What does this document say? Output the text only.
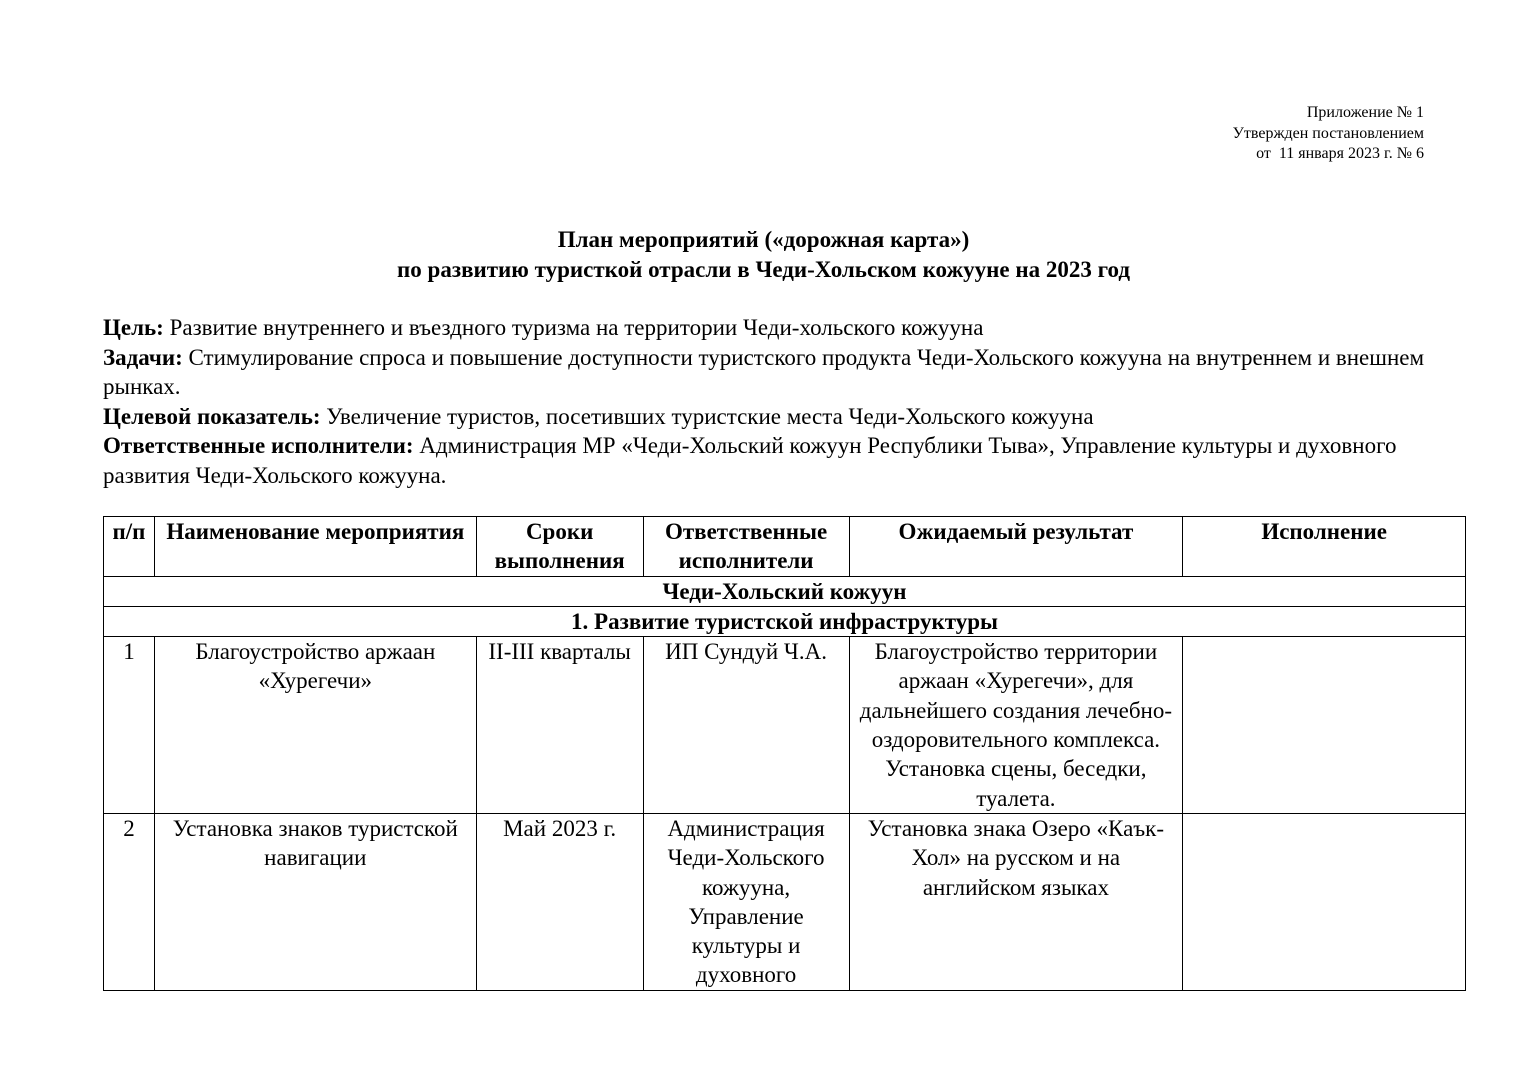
Приложение № 1
Утвержден постановлением
от  11 января 2023 г. № 6
План мероприятий («дорожная карта»)
по развитию туристкой отрасли в Чеди-Хольском кожууне на 2023 год

Цель: Развитие внутреннего и въездного туризма на территории Чеди-хольского кожууна

Задачи: Стимулирование спроса и повышение доступности туристского продукта Чеди-Хольского кожууна на внутреннем и внешнем рынках.

Целевой показатель: Увеличение туристов, посетивших туристские места Чеди-Хольского кожууна

Ответственные исполнители: Администрация МР «Чеди-Хольский кожуун Республики Тыва», Управление культуры и духовного развития Чеди-Хольского кожууна.

п/п	Наименование мероприятия	Сроки выполнения	Ответственные исполнители	Ожидаемый результат	Исполнение
Чеди-Хольский кожуун					
1. Развитие туристской инфраструктуры					
1	Благоустройство аржаан «Хурегечи»	II-III кварталы	ИП Сундуй Ч.А.	Благоустройство территории аржаан «Хурегечи», для дальнейшего создания лечебно-оздоровительного комплекса. Установка сцены, беседки, туалета.	
2	Установка знаков туристской навигации	Май 2023 г.	Администрация Чеди-Хольского кожууна, Управление культуры и духовного	Установка знака Озеро «Каък-Хол» на русском и на английском языках	
